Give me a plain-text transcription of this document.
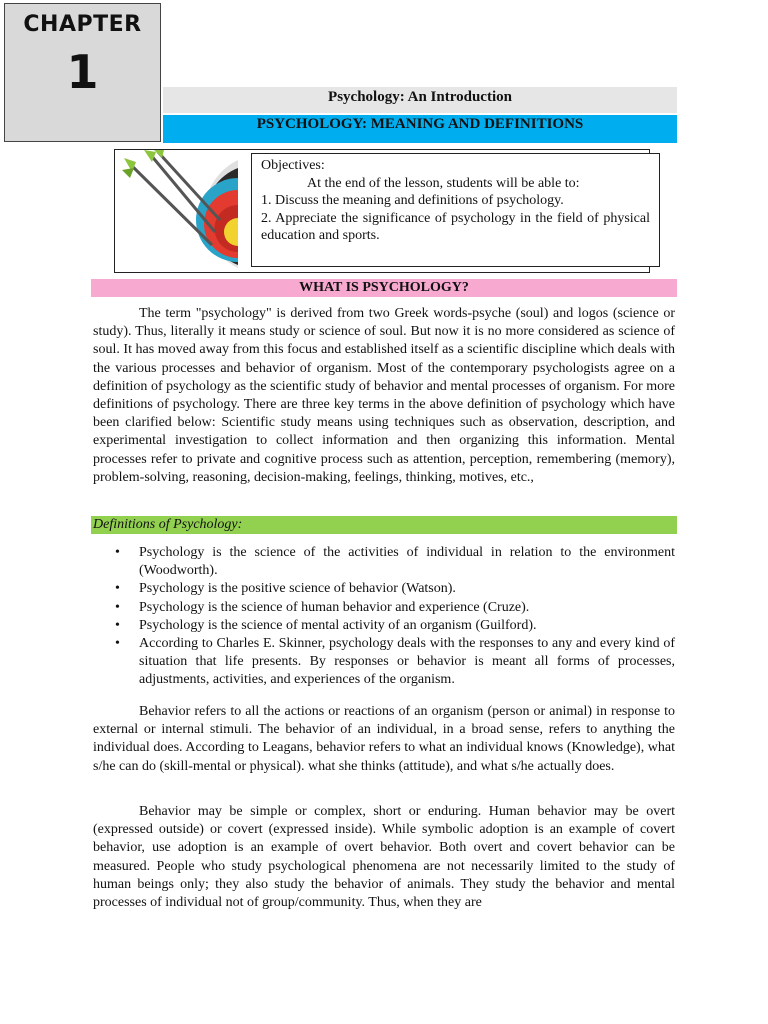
CHAPTER
1	Psychology: An Introduction
PSYCHOLOGY: MEANING AND DEFINITIONS
Objectives:
At the end of the lesson, students will be able to:
1. Discuss the meaning and definitions of psychology.
2. Appreciate the significance of psychology in the field of physical education and sports.
WHAT IS PSYCHOLOGY?

The term "psychology" is derived from two Greek words-psyche (soul) and logos (science or study). Thus, literally it means study or science of soul. But now it is no more considered as science of soul. It has moved away from this focus and established itself as a scientific discipline which deals with the various processes and behavior of organism. Most of the contemporary psychologists agree on a definition of psychology as the scientific study of behavior and mental processes of organism. For more definitions of psychology. There are three key terms in the above definition of psychology which have been clarified below: Scientific study means using techniques such as observation, description, and experimental investigation to collect information and then organizing this information. Mental processes refer to private and cognitive process such as attention, perception, remembering (memory), problem-solving, reasoning, decision-making, feelings, thinking, motives, etc.,

Definitions of Psychology:
• Psychology is the science of the activities of individual in relation to the environment (Woodworth).
• Psychology is the positive science of behavior (Watson).
• Psychology is the science of human behavior and experience (Cruze).
• Psychology is the science of mental activity of an organism (Guilford).
• According to Charles E. Skinner, psychology deals with the responses to any and every kind of situation that life presents. By responses or behavior is meant all forms of processes, adjustments, activities, and experiences of the organism.

Behavior refers to all the actions or reactions of an organism (person or animal) in response to external or internal stimuli. The behavior of an individual, in a broad sense, refers to anything the individual does. According to Leagans, behavior refers to what an individual knows (Knowledge), what s/he can do (skill-mental or physical). what she thinks (attitude), and what s/he actually does.

Behavior may be simple or complex, short or enduring. Human behavior may be overt (expressed outside) or covert (expressed inside). While symbolic adoption is an example of covert behavior, use adoption is an example of overt behavior. Both overt and covert behavior can be measured. People who study psychological phenomena are not necessarily limited to the study of human beings only; they also study the behavior of animals. They study the behavior and mental processes of individual not of group/community. Thus, when they are
